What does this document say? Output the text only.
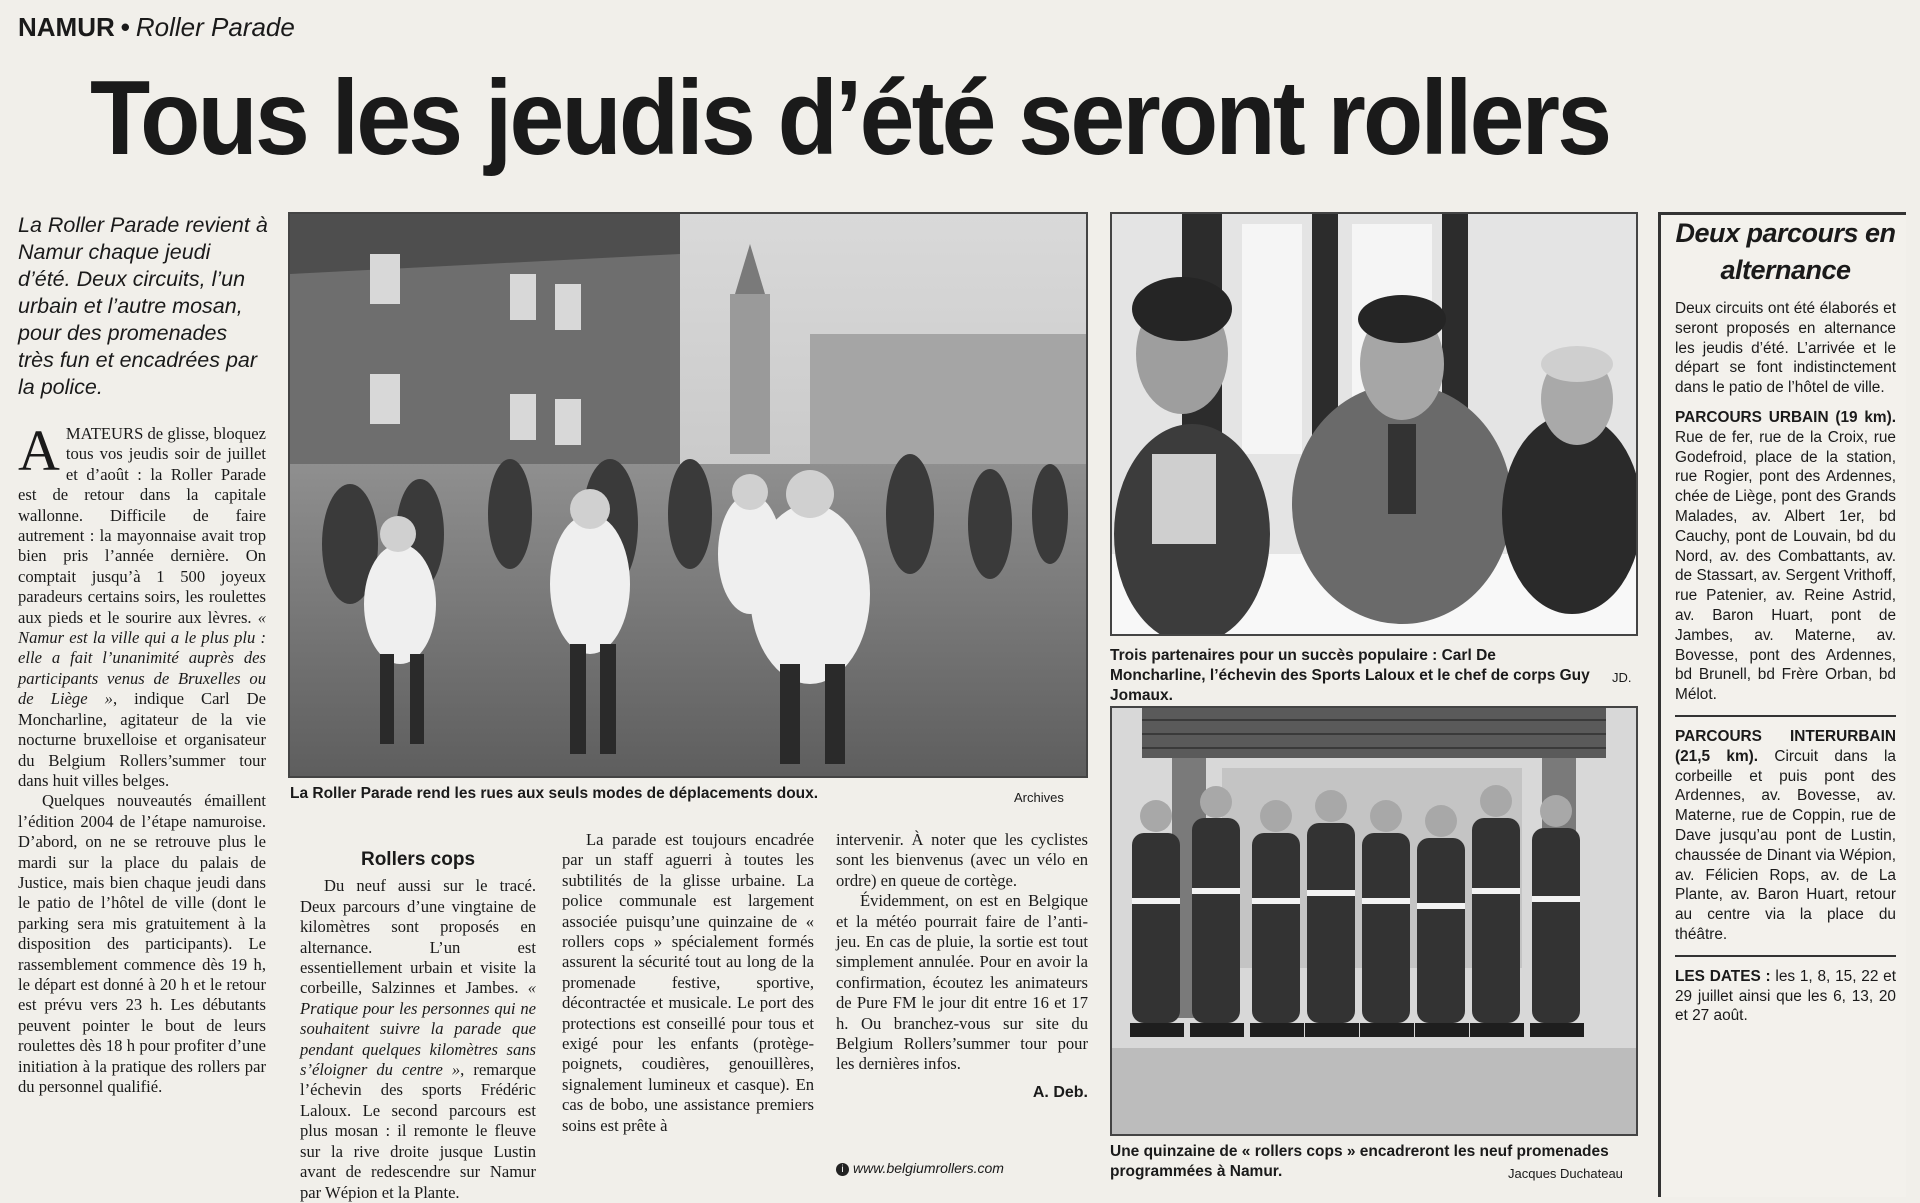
NAMUR • Roller Parade
Tous les jeudis d’été seront rollers
La Roller Parade revient à Namur chaque jeudi d’été. Deux circuits, l’un urbain et l’autre mosan, pour des promenades très fun et encadrées par la police.

AMATEURS de glisse, bloquez tous vos jeudis soir de juillet et d’août : la Roller Parade est de retour dans la capitale wallonne. Difficile de faire autrement : la mayonnaise avait trop bien pris l’année dernière. On comptait jusqu’à 1 500 joyeux paradeurs certains soirs, les roulettes aux pieds et le sourire aux lèvres. « Namur est la ville qui a le plus plu : elle a fait l’unanimité auprès des participants venus de Bruxelles ou de Liège », indique Carl De Moncharline, agitateur de la vie nocturne bruxelloise et organisateur du Belgium Rollers’summer tour dans huit villes belges.

Quelques nouveautés émaillent l’édition 2004 de l’étape namuroise. D’abord, on ne se retrouve plus le mardi sur la place du palais de Justice, mais bien chaque jeudi dans le patio de l’hôtel de ville (dont le parking sera mis gratuitement à la disposition des participants). Le rassemblement commence dès 19 h, le départ est donné à 20 h et le retour est prévu vers 23 h. Les débutants peuvent pointer le bout de leurs roulettes dès 18 h pour profiter d’une initiation à la pratique des rollers par du personnel qualifié.

La Roller Parade rend les rues aux seuls modes de déplacements doux.	Archives
Rollers cops

Du neuf aussi sur le tracé. Deux parcours d’une vingtaine de kilomètres sont proposés en alternance. L’un est essentiellement urbain et visite la corbeille, Salzinnes et Jambes. « Pratique pour les personnes qui ne souhaitent suivre la parade que pendant quelques kilomètres sans s’éloigner du centre », remarque l’échevin des sports Frédéric Laloux. Le second parcours est plus mosan : il remonte le fleuve sur la rive droite jusque Lustin avant de redescendre sur Namur par Wépion et la Plante.

La parade est toujours encadrée par un staff aguerri à toutes les subtilités de la glisse urbaine. La police communale est largement associée puisqu’une quinzaine de « rollers cops » spécialement formés assurent la sécurité tout au long de la promenade festive, sportive, décontractée et musicale. Le port des protections est conseillé pour tous et exigé pour les enfants (protège-poignets, coudières, genouillères, signalement lumineux et casque). En cas de bobo, une assistance premiers soins est prête à

intervenir. À noter que les cyclistes sont les bienvenus (avec un vélo en ordre) en queue de cortège.

Évidemment, on est en Belgique et la météo pourrait faire de l’anti-jeu. En cas de pluie, la sortie est tout simplement annulée. Pour en avoir la confirmation, écoutez les animateurs de Pure FM le jour dit entre 16 et 17 h. Ou branchez-vous sur site du Belgium Rollers’summer tour pour les dernières infos.

A. Deb.
i www.belgiumrollers.com
Trois partenaires pour un succès populaire : Carl De Moncharline, l’échevin des Sports Laloux et le chef de corps Guy Jomaux.
JD.
Une quinzaine de « rollers cops » encadreront les neuf promenades programmées à Namur.	Jacques Duchateau
Deux parcours en alternance

Deux circuits ont été élaborés et seront proposés en alternance les jeudis d’été. L’arrivée et le départ se font indistinctement dans le patio de l’hôtel de ville.

PARCOURS URBAIN (19 km). Rue de fer, rue de la Croix, rue Godefroid, place de la station, rue Rogier, pont des Ardennes, chée de Liège, pont des Grands Malades, av. Albert 1er, bd Cauchy, pont de Louvain, bd du Nord, av. des Combattants, av. de Stassart, av. Sergent Vrithoff, rue Patenier, av. Reine Astrid, av. Baron Huart, pont de Jambes, av. Materne, av. Bovesse, pont des Ardennes, bd Brunell, bd Frère Orban, bd Mélot.

PARCOURS INTERURBAIN (21,5 km). Circuit dans la corbeille et puis pont des Ardennes, av. Bovesse, av. Materne, rue de Coppin, rue de Dave jusqu’au pont de Lustin, chaussée de Dinant via Wépion, av. Félicien Rops, av. de La Plante, av. Baron Huart, retour au centre via la place du théâtre.

LES DATES : les 1, 8, 15, 22 et 29 juillet ainsi que les 6, 13, 20 et 27 août.
